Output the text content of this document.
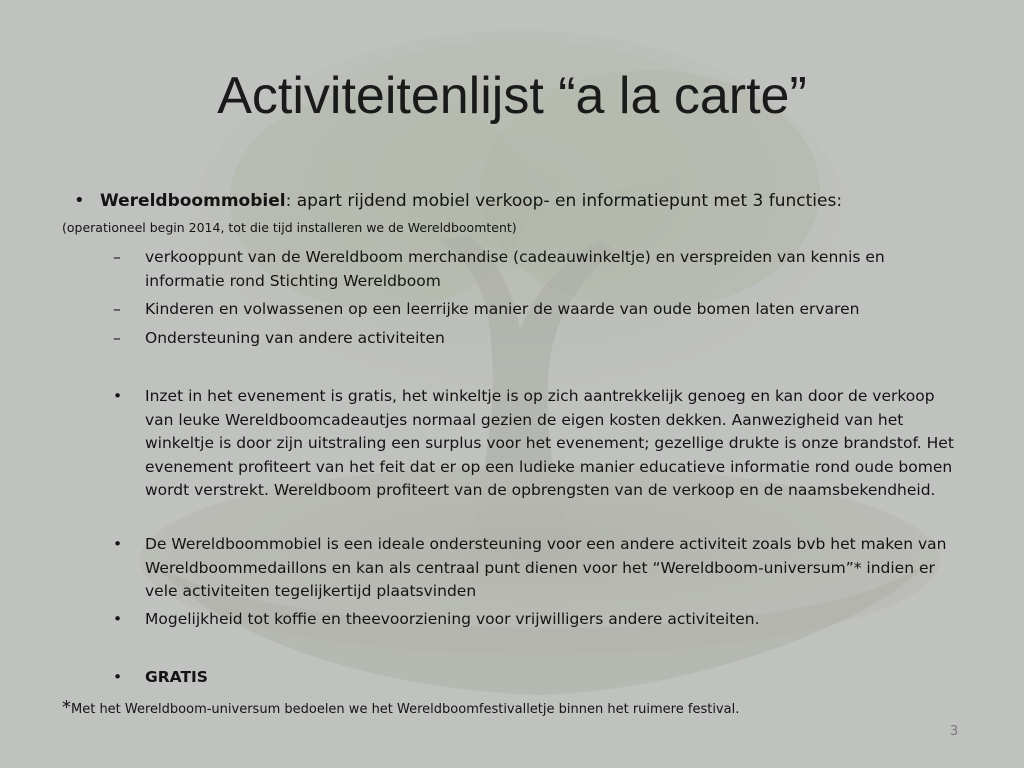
Activiteitenlijst “a la carte”
• Wereldboommobiel: apart rijdend mobiel verkoop- en informatiepunt met 3 functies:
(operationeel begin 2014, tot die tijd installeren we de Wereldboomtent)
–	verkooppunt van de Wereldboom merchandise (cadeauwinkeltje) en verspreiden van kennis en informatie rond Stichting Wereldboom
–	Kinderen en volwassenen op een leerrijke manier de waarde van oude bomen laten ervaren
–	Ondersteuning van andere activiteiten
•	Inzet in het evenement is gratis, het winkeltje is op zich aantrekkelijk genoeg en kan door de verkoop van leuke Wereldboomcadeautjes normaal gezien de eigen kosten dekken. Aanwezigheid van het winkeltje is door zijn uitstraling een surplus voor het evenement; gezellige drukte is onze brandstof. Het evenement profiteert van het feit dat er op een ludieke manier educatieve informatie rond oude bomen wordt verstrekt. Wereldboom profiteert van de opbrengsten van de verkoop en de naamsbekendheid.
•	De Wereldboommobiel is een ideale ondersteuning voor een andere activiteit zoals bvb het maken van Wereldboommedaillons en kan als centraal punt dienen voor het “Wereldboom-universum”* indien er vele activiteiten tegelijkertijd plaatsvinden
•	Mogelijkheid tot koffie en theevoorziening voor vrijwilligers andere activiteiten.
•	GRATIS
*Met het Wereldboom-universum bedoelen we het Wereldboomfestivalletje binnen het ruimere festival.
3
